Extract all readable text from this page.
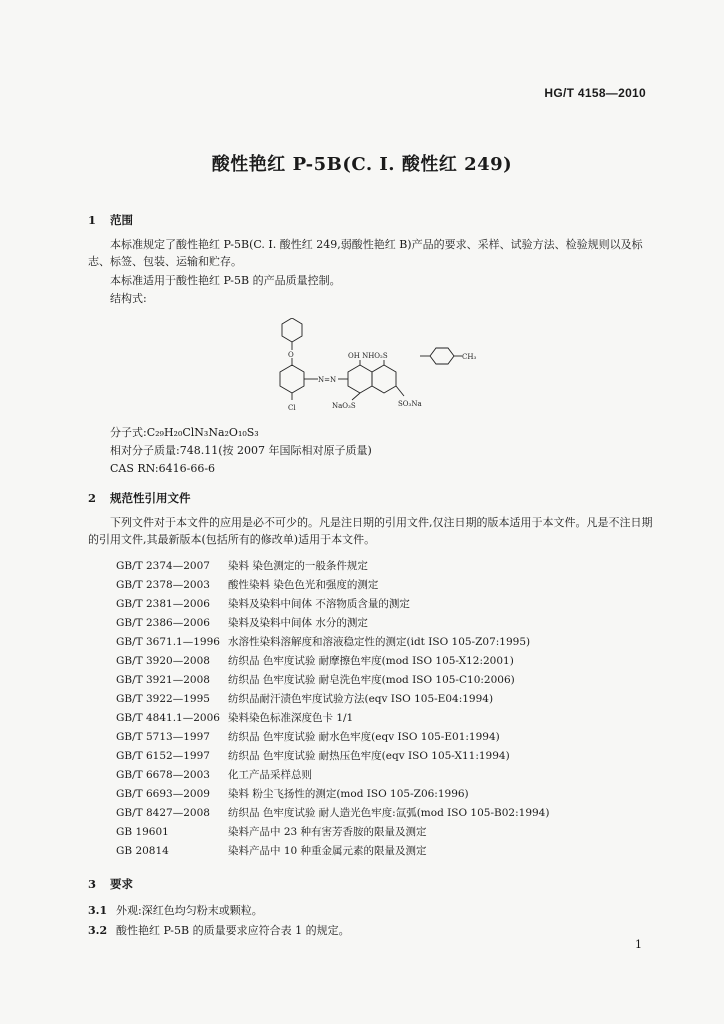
HG/T 4158—2010
酸性艳红 P-5B(C. I. 酸性红 249)
1 范围
本标准规定了酸性艳红 P-5B(C. I. 酸性红 249,弱酸性艳红 B)产品的要求、采样、试验方法、检验规则以及标志、标签、包装、运输和贮存。
本标准适用于酸性艳红 P-5B 的产品质量控制。
结构式:
O
N=N
OH NHO₂S	CH₃
NaO₃S	SO₃Na
Cl
分子式:C₂₉H₂₀ClN₃Na₂O₁₀S₃
相对分子质量:748.11(按 2007 年国际相对原子质量)
CAS RN:6416-66-6
2 规范性引用文件
下列文件对于本文件的应用是必不可少的。凡是注日期的引用文件,仅注日期的版本适用于本文件。凡是不注日期的引用文件,其最新版本(包括所有的修改单)适用于本文件。
GB/T 2374—2007 染料 染色测定的一般条件规定
GB/T 2378—2003 酸性染料 染色色光和强度的测定
GB/T 2381—2006 染料及染料中间体 不溶物质含量的测定
GB/T 2386—2006 染料及染料中间体 水分的测定
GB/T 3671.1—1996 水溶性染料溶解度和溶液稳定性的测定(idt ISO 105-Z07:1995)
GB/T 3920—2008 纺织品 色牢度试验 耐摩擦色牢度(mod ISO 105-X12:2001)
GB/T 3921—2008 纺织品 色牢度试验 耐皂洗色牢度(mod ISO 105-C10:2006)
GB/T 3922—1995 纺织品耐汗渍色牢度试验方法(eqv ISO 105-E04:1994)
GB/T 4841.1—2006 染料染色标准深度色卡 1/1
GB/T 5713—1997 纺织品 色牢度试验 耐水色牢度(eqv ISO 105-E01:1994)
GB/T 6152—1997 纺织品 色牢度试验 耐热压色牢度(eqv ISO 105-X11:1994)
GB/T 6678—2003 化工产品采样总则
GB/T 6693—2009 染料 粉尘飞扬性的测定(mod ISO 105-Z06:1996)
GB/T 8427—2008 纺织品 色牢度试验 耐人造光色牢度:氙弧(mod ISO 105-B02:1994)
GB 19601	染料产品中 23 种有害芳香胺的限量及测定
GB 20814	染料产品中 10 种重金属元素的限量及测定
3 要求
3.1 外观:深红色均匀粉末或颗粒。
3.2 酸性艳红 P-5B 的质量要求应符合表 1 的规定。
1
